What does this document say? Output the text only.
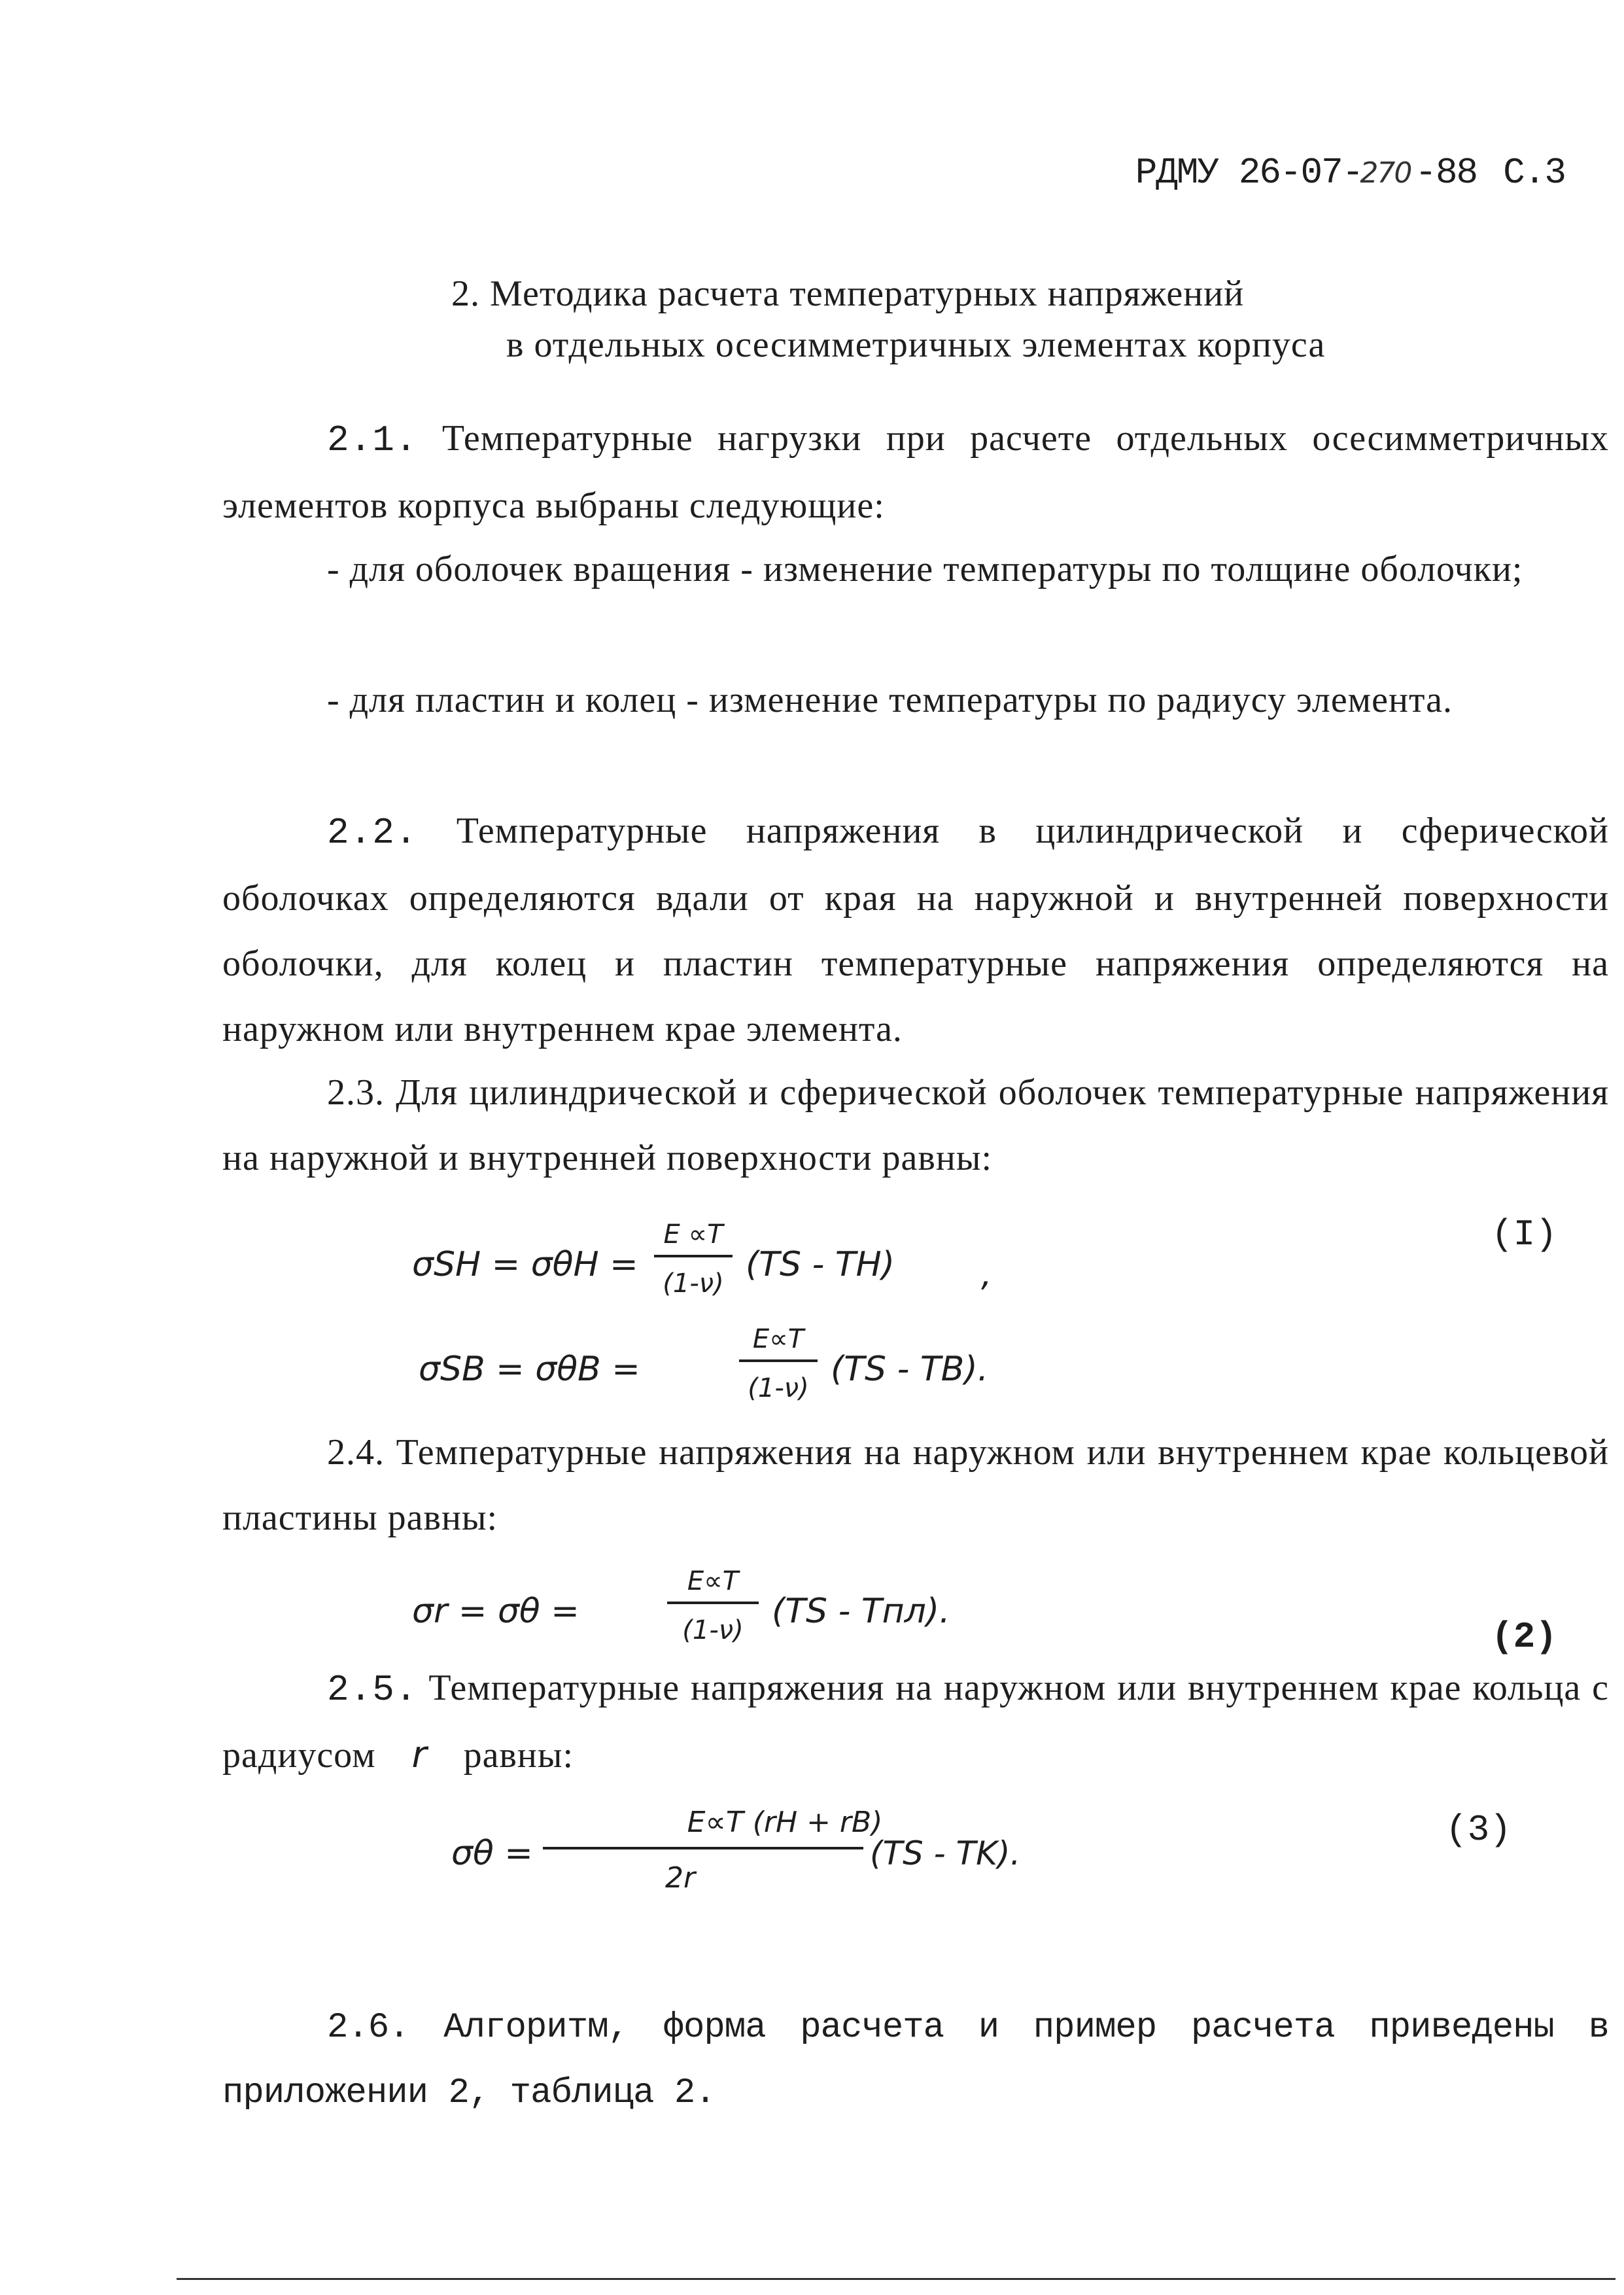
РДМУ 26-07-270 -88 С.3
2. Методика расчета температурных напряжений
в отдельных осесимметричных элементах корпуса
2.1. Температурные нагрузки при расчете отдельных осесимметричных элементов корпуса выбраны следующие:
- для оболочек вращения - изменение температуры по толщине оболочки;
- для пластин и колец - изменение температуры по радиусу элемента.
2.2. Температурные напряжения в цилиндрической и сферической оболочках определяются вдали от края на наружной и внутренней поверхности оболочки, для колец и пластин температурные напряжения определяются на наружном или внутреннем крае элемента.
2.3. Для цилиндрической и сферической оболочек температурные напряжения на наружной и внутренней поверхности равны:
σSH = σθH =
E ∝T
(1-ν) (TS - TH)	,
(I)
σSB = σθB =
E∝T
(1-ν) (TS - TB).
2.4. Температурные напряжения на наружном или внутреннем крае кольцевой пластины равны:
σr = σθ =
E∝T
(1-ν) (TS - Tпл).
(2)
2.5. Температурные напряжения на наружном или внутреннем крае кольца с радиусом r равны:
σθ =
E∝T (rH + rB)
2r
(TS - TK).
(3)
2.6. Алгоритм, форма расчета и пример расчета приведены в приложении 2, таблица 2.
